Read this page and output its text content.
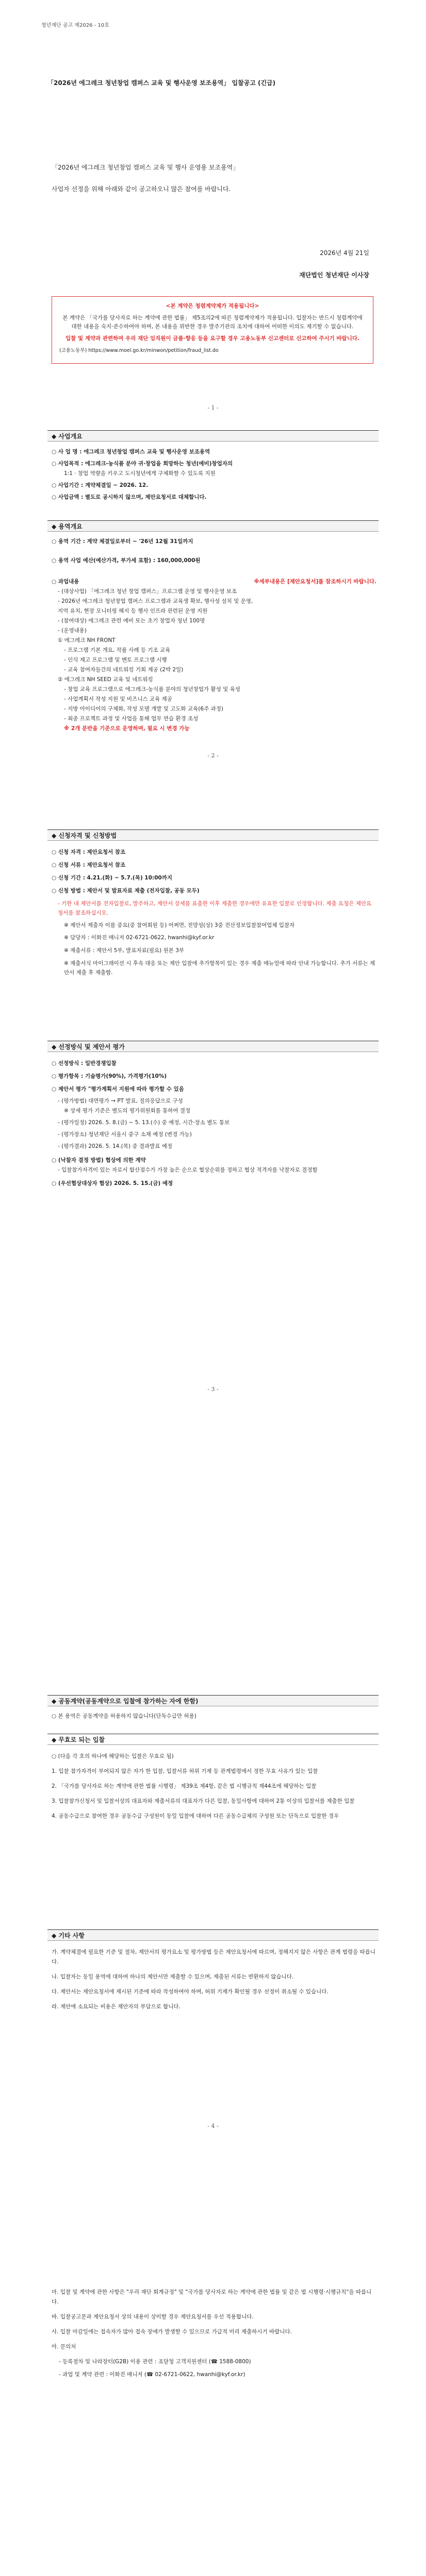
청년재단 공고 제2026 - 10호
「2026년 에그레크 청년창업 캠퍼스 교육 및 행사운영 보조용역」 입찰공고 (긴급)
「2026년 에그레크 청년창업 캠퍼스 교육 및 행사 운영용 보조용역」
사업자 선정을 위해 아래와 같이 공고하오니 많은 참여를 바랍니다.
2026년 4월 21일
재단법인 청년재단 이사장
<본 계약은 청렴계약제가 적용됩니다>

본 계약은 「국가를 당사자로 하는 계약에 관한 법률」 제5조의2에 따른 청렴계약제가 적용됩니다. 입찰자는 반드시 청렴계약에 대한 내용을 숙지·준수하여야 하며, 본 내용을 위반한 경우 발주기관의 조치에 대하여 어떠한 이의도 제기할 수 없습니다.

입찰 및 계약과 관련하여 우리 재단 임직원이 금품·향응 등을 요구할 경우 고용노동부 신고센터로 신고하여 주시기 바랍니다.

(고용노동부) https://www.moel.go.kr/minwon/petition/fraud_list.do

- 1 -
◆ 사업개요
○ 사 업 명 : 에그레크 청년창업 캠퍼스 교육 및 행사운영 보조용역
○ 사업목적 : 에그레크-농식품 분야 귀·창업을 희망하는 청년(예비)창업자의
1:1 · 창업 역량을 키우고 도시청년에게 구체화할 수 있도록 지원
○ 사업기간 : 계약체결일 ~ 2026. 12.
○ 사업금액 : 별도로 공시하지 않으며, 제안요청서로 대체합니다.
◆ 용역개요
○ 용역 기간 : 계약 체결일로부터 ~ '26년 12월 31일까지
○ 용역 사업 예산(예산가격, 부가세 포함) : 160,000,000원
○ 과업내용	※세부내용은 [제안요청서]를 참조하시기 바랍니다.
- (대상사업) 「에그레크 청년 창업 캠퍼스」프로그램 운영 및 행사운영 보조
- 2026년 에그레크 청년창업 캠퍼스 프로그램과 교육생 확보, 행사성 설치 및 운영,
지역 유치, 현장 모니터링 해지 등 행사 인프라 관련된 운영 지원
- (참여대상) 에그레크 관련 예비 또는 초기 창업자 청년 100명
- (운영내용)
① 에그레크 NH FRONT
- 프로그램 기본 개요, 작품 사례 등 기조 교육
- 인식 재고 프로그램 및 멘토 프로그램 시행
- 교육 참여자들간의 네트워킹 기회 제공 (2박 2일)
② 에그레크 NH SEED 교육 및 네트워킹
- 창업 교육 프로그램으로 에그레크-농식품 분야의 청년창업가 활성 및 육성
- 사업계획서 작성 지원 및 비즈니스 교육 제공
- 지방 아이디어의 구체화, 작성 모델 개발 및 고도화 교육(6주 과정)
- 최종 프로젝트 과정 및 사업을 통해 업무 연습 환경 조성
※ 2개 분반을 기준으로 운영하며, 필요 시 변경 가능
- 2 -
◆ 신청자격 및 신청방법
○ 신청 자격 : 제안요청서 참조
○ 신청 서류 : 제안요청서 참조
○ 신청 기간 : 4.21.(화) ~ 5.7.(목) 10:00까지
○ 신청 방법 : 제안서 및 발표자료 제출 (전자입찰, 공동 모두)
- 기한 내 제안서를 전자입찰로, 발주하고, 제안서 상세를 표출한 이후 제출한 경우에만 유효한 입찰로 인정합니다. 제출 요청은 제안요청서를 참조하십시오.
※ 제안서 제출자 이름 중요(중 참여회원 등) 어쩌면, 전망성(상) 3중 전산정보입찰참여업체 입찰자
※ 담당자 : 이화진 매니저 02-6721-0622, hwanhi@kyf.or.kr
※ 제출서류 : 제안서 5부, 발표자료(필요) 원본 3부
※ 제출서식 마이그래이션 시 후속 대응 또는 제안 입찰에 추가항목이 있는 경우 제출 매뉴얼에 따라 안내 가능합니다. 추가 서류는 제안서 제출 후 제출함.
◆ 선정방식 및 제안서 평가
○ 선정방식 : 일반경쟁입찰
○ 평가항목 : 기술평가(90%), 가격평가(10%)
○ 제안서 평가 "평가계획서 지원에 따라 평가할 수 있음
- (평가방법) 대면평가 → PT 발표, 질의응답으로 구성
※ 상세 평가 기준은 별도의 평가위원회를 통하여 결정
- (평가일정) 2026. 5. 8.(금) ~ 5. 13.(수) 중 예정, 시간·장소 별도 통보
- (평가장소) 청년재단 서울시 중구 소재 예정 (변경 가능)
- (평가결과) 2026. 5. 14.(목) 중 결과발표 예정
○ (낙찰자 결정 방법) 협상에 의한 계약
- 입찰참가자격이 있는 자로서 합산점수가 가장 높은 순으로 협상순위를 정하고 협상 적격자를 낙찰자로 결정함
○ (우선협상대상자 협상) 2026. 5. 15.(금) 예정
- 3 -
◆ 공동계약(공동계약으로 입찰에 참가하는 자에 한함)
○ 본 용역은 공동계약을 허용하지 않습니다(단독수급만 허용)
◆ 무효로 되는 입찰

○ (다음 각 호의 하나에 해당하는 입찰은 무효로 됨)

1. 입찰 참가자격이 부여되지 않은 자가 한 입찰, 입찰서류 허위 기재 등 관계법령에서 정한 무효 사유가 있는 입찰

2. 「국가를 당사자로 하는 계약에 관한 법률 시행령」 제39조 제4항, 같은 법 시행규칙 제44조에 해당하는 입찰

3. 입찰참가신청서 및 입찰서상의 대표자와 제출서류의 대표자가 다른 입찰, 동일사항에 대하여 2통 이상의 입찰서를 제출한 입찰

4. 공동수급으로 참여한 경우 공동수급 구성원이 동일 입찰에 대하여 다른 공동수급체의 구성원 또는 단독으로 입찰한 경우

◆ 기타 사항

가. 계약체결에 필요한 기준 및 절차, 제안서의 평가요소 및 평가방법 등은 제안요청서에 따르며, 정해지지 않은 사항은 관계 법령을 따릅니다.

나. 입찰자는 동일 용역에 대하여 하나의 제안서만 제출할 수 있으며, 제출된 서류는 반환하지 않습니다.

다. 제안서는 제안요청서에 제시된 기준에 따라 작성하여야 하며, 허위 기재가 확인될 경우 선정이 취소될 수 있습니다.

라. 제안에 소요되는 비용은 제안자의 부담으로 합니다.

- 4 -

마. 입찰 및 계약에 관한 사항은 "우리 재단 회계규정" 및 "국가를 당사자로 하는 계약에 관한 법률 및 같은 법 시행령·시행규칙"을 따릅니다.

바. 입찰공고문과 제안요청서 상의 내용이 상이할 경우 제안요청서를 우선 적용합니다.

사. 입찰 마감일에는 접속자가 많아 접속 장애가 발생할 수 있으므로 가급적 미리 제출하시기 바랍니다.

아. 문의처

- 등록절차 및 나라장터(G2B) 이용 관련 : 조달청 고객지원센터 (☎ 1588-0800)

- 과업 및 계약 관련 : 이화진 매니저 (☎ 02-6721-0622, hwanhi@kyf.or.kr)
